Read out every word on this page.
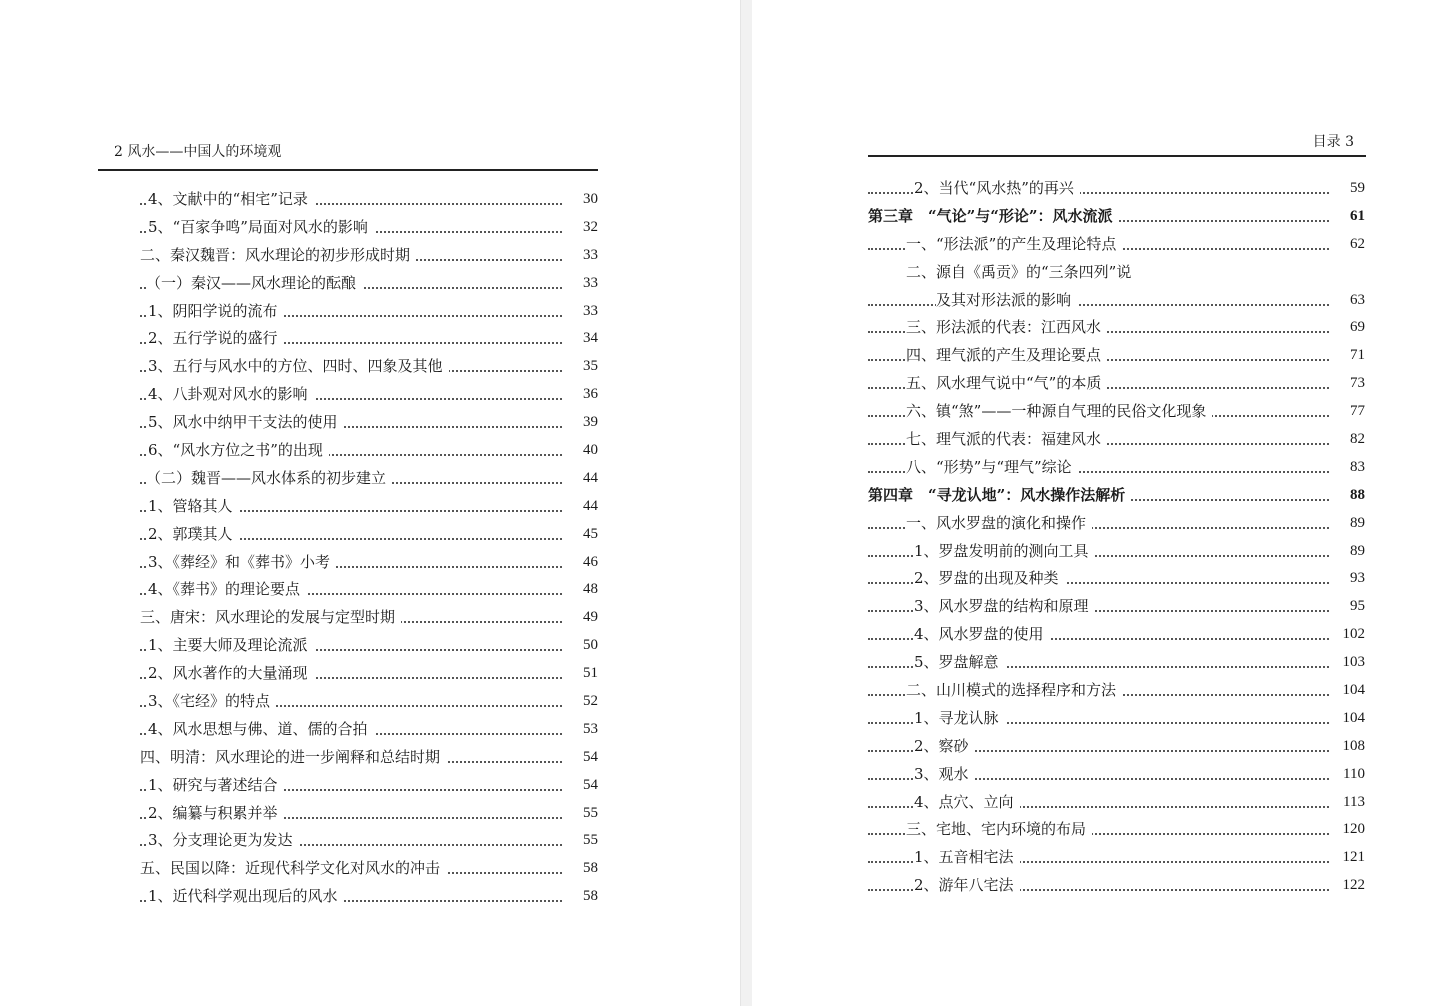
2 风水——中国人的环境观
4、文献中的“相宅”记录	30
5、“百家争鸣”局面对风水的影响	32
二、秦汉魏晋：风水理论的初步形成时期	33
（一）秦汉——风水理论的酝酿	33
1、阴阳学说的流布	33
2、五行学说的盛行	34
3、五行与风水中的方位、四时、四象及其他	35
4、八卦观对风水的影响	36
5、风水中纳甲干支法的使用	39
6、“风水方位之书”的出现	40
（二）魏晋——风水体系的初步建立	44
1、管辂其人	44
2、郭璞其人	45
3、《葬经》和《葬书》小考	46
4、《葬书》的理论要点	48
三、唐宋：风水理论的发展与定型时期	49
1、主要大师及理论流派	50
2、风水著作的大量涌现	51
3、《宅经》的特点	52
4、风水思想与佛、道、儒的合拍	53
四、明清：风水理论的进一步阐释和总结时期	54
1、研究与著述结合	54
2、编纂与积累并举	55
3、分支理论更为发达	55
五、民国以降：近现代科学文化对风水的冲击	58
1、近代科学观出现后的风水	58
目录 3
2、当代“风水热”的再兴	59
第三章　“气论”与“形论”：风水流派	61
一、“形法派”的产生及理论特点	62
二、源自《禹贡》的“三条四列”说
及其对形法派的影响	63
三、形法派的代表：江西风水	69
四、理气派的产生及理论要点	71
五、风水理气说中“气”的本质	73
六、镇“煞”——一种源自气理的民俗文化现象	77
七、理气派的代表：福建风水	82
八、“形势”与“理气”综论	83
第四章　“寻龙认地”：风水操作法解析	88
一、风水罗盘的演化和操作	89
1、罗盘发明前的测向工具	89
2、罗盘的出现及种类	93
3、风水罗盘的结构和原理	95
4、风水罗盘的使用	102
5、罗盘解意	103
二、山川模式的选择程序和方法	104
1、寻龙认脉	104
2、察砂	108
3、观水	110
4、点穴、立向	113
三、宅地、宅内环境的布局	120
1、五音相宅法	121
2、游年八宅法	122
